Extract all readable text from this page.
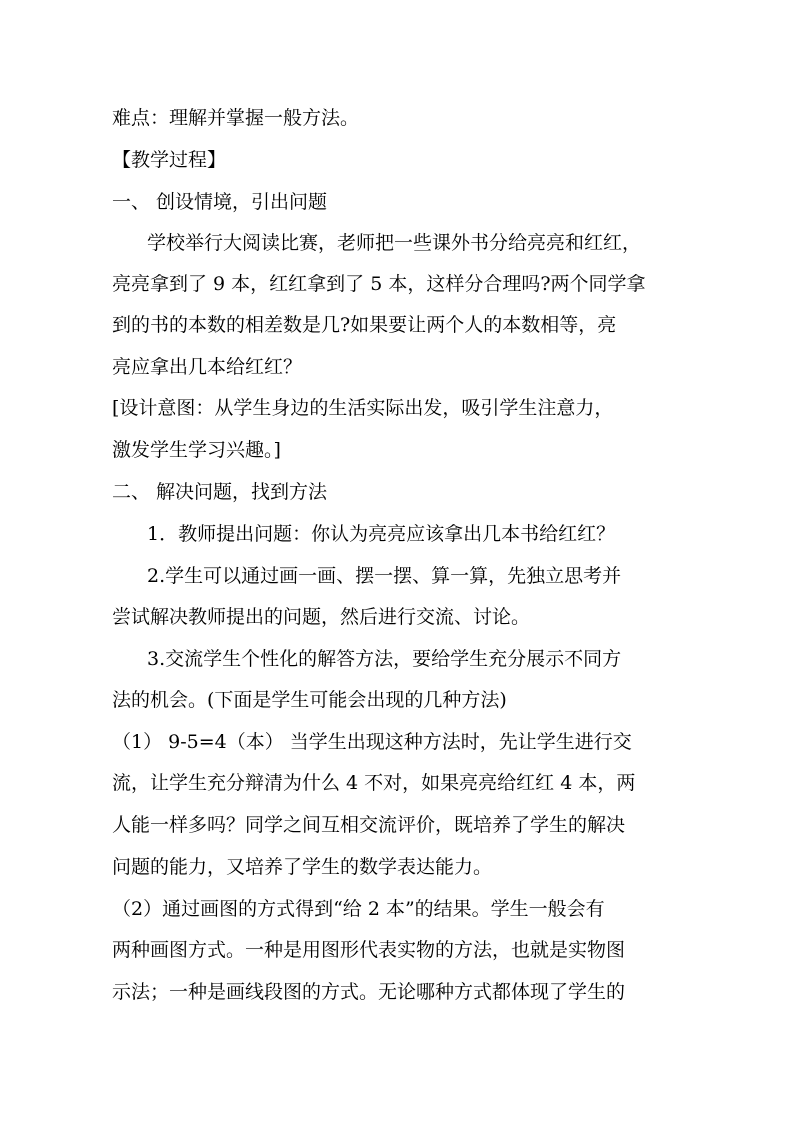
难点：理解并掌握一般方法。
【教学过程】
一、 创设情境，引出问题
学校举行大阅读比赛，老师把一些课外书分给亮亮和红红，
亮亮拿到了 9 本，红红拿到了 5 本，这样分合理吗?两个同学拿
到的书的本数的相差数是几?如果要让两个人的本数相等，亮
亮应拿出几本给红红？
[设计意图：从学生身边的生活实际出发，吸引学生注意力，
激发学生学习兴趣。]
二、 解决问题，找到方法
1．教师提出问题：你认为亮亮应该拿出几本书给红红？
2.学生可以通过画一画、摆一摆、算一算，先独立思考并
尝试解决教师提出的问题，然后进行交流、讨论。
3.交流学生个性化的解答方法，要给学生充分展示不同方
法的机会。(下面是学生可能会出现的几种方法)
（1） 9-5=4（本） 当学生出现这种方法时，先让学生进行交
流，让学生充分辩清为什么 4 不对，如果亮亮给红红 4 本，两
人能一样多吗？同学之间互相交流评价，既培养了学生的解决
问题的能力，又培养了学生的数学表达能力。
（2）通过画图的方式得到“给 2 本”的结果。学生一般会有
两种画图方式。一种是用图形代表实物的方法，也就是实物图
示法；一种是画线段图的方式。无论哪种方式都体现了学生的
